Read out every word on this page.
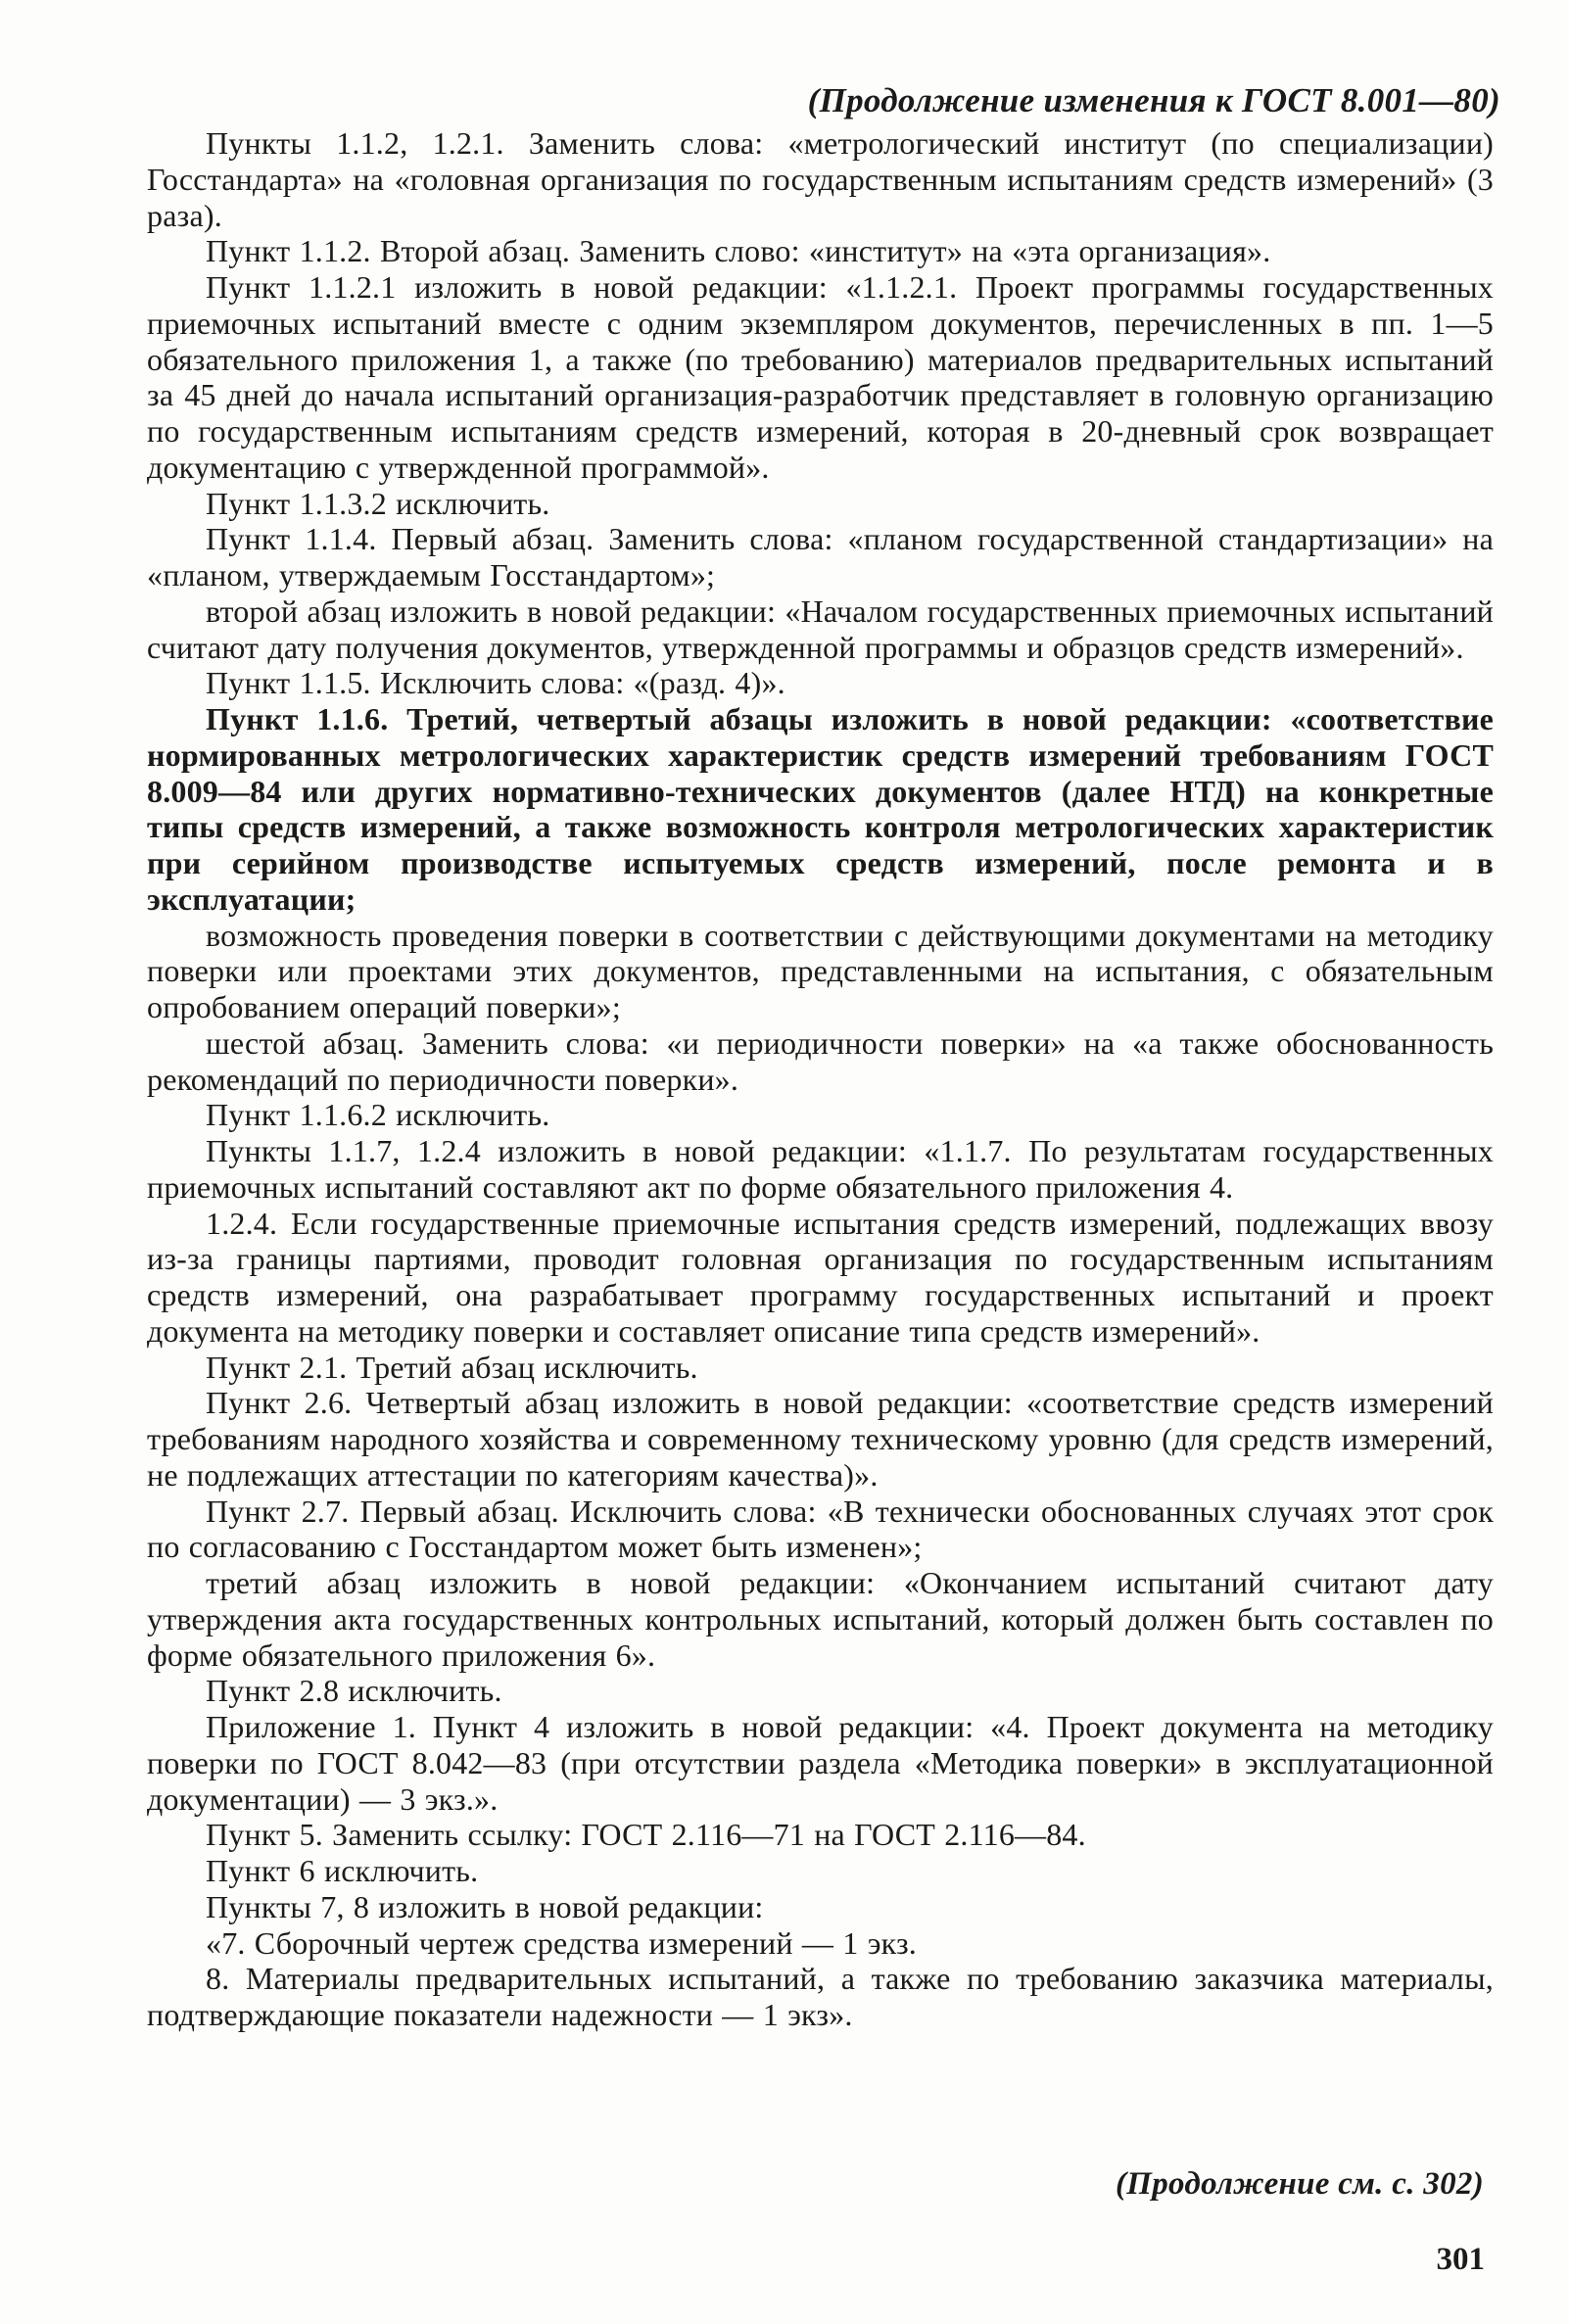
(Продолжение изменения к ГОСТ 8.001—80)

Пункты 1.1.2, 1.2.1. Заменить слова: «метрологический институт (по специализации) Госстандарта» на «головная организация по государственным испытаниям средств измерений» (3 раза).

Пункт 1.1.2. Второй абзац. Заменить слово: «институт» на «эта организация».

Пункт 1.1.2.1 изложить в новой редакции: «1.1.2.1. Проект программы государственных приемочных испытаний вместе с одним экземпляром документов, перечисленных в пп. 1—5 обязательного приложения 1, а также (по требованию) материалов предварительных испытаний за 45 дней до начала испытаний организация-разработчик представляет в головную организацию по государственным испытаниям средств измерений, которая в 20-дневный срок возвращает документацию с утвержденной программой».

Пункт 1.1.3.2 исключить.

Пункт 1.1.4. Первый абзац. Заменить слова: «планом государственной стандартизации» на «планом, утверждаемым Госстандартом»;

второй абзац изложить в новой редакции: «Началом государственных приемочных испытаний считают дату получения документов, утвержденной программы и образцов средств измерений».

Пункт 1.1.5. Исключить слова: «(разд. 4)».

Пункт 1.1.6. Третий, четвертый абзацы изложить в новой редакции: «соответствие нормированных метрологических характеристик средств измерений требованиям ГОСТ 8.009—84 или других нормативно-технических документов (далее НТД) на конкретные типы средств измерений, а также возможность контроля метрологических характеристик при серийном производстве испытуемых средств измерений, после ремонта и в эксплуатации;

возможность проведения поверки в соответствии с действующими документами на методику поверки или проектами этих документов, представленными на испытания, с обязательным опробованием операций поверки»;

шестой абзац. Заменить слова: «и периодичности поверки» на «а также обоснованность рекомендаций по периодичности поверки».

Пункт 1.1.6.2 исключить.

Пункты 1.1.7, 1.2.4 изложить в новой редакции: «1.1.7. По результатам государственных приемочных испытаний составляют акт по форме обязательного приложения 4.

1.2.4. Если государственные приемочные испытания средств измерений, подлежащих ввозу из-за границы партиями, проводит головная организация по государственным испытаниям средств измерений, она разрабатывает программу государственных испытаний и проект документа на методику поверки и составляет описание типа средств измерений».

Пункт 2.1. Третий абзац исключить.

Пункт 2.6. Четвертый абзац изложить в новой редакции: «соответствие средств измерений требованиям народного хозяйства и современному техническому уровню (для средств измерений, не подлежащих аттестации по категориям качества)».

Пункт 2.7. Первый абзац. Исключить слова: «В технически обоснованных случаях этот срок по согласованию с Госстандартом может быть изменен»;

третий абзац изложить в новой редакции: «Окончанием испытаний считают дату утверждения акта государственных контрольных испытаний, который должен быть составлен по форме обязательного приложения 6».

Пункт 2.8 исключить.

Приложение 1. Пункт 4 изложить в новой редакции: «4. Проект документа на методику поверки по ГОСТ 8.042—83 (при отсутствии раздела «Методика поверки» в эксплуатационной документации) — 3 экз.».

Пункт 5. Заменить ссылку: ГОСТ 2.116—71 на ГОСТ 2.116—84.

Пункт 6 исключить.

Пункты 7, 8 изложить в новой редакции:

«7. Сборочный чертеж средства измерений — 1 экз.

8. Материалы предварительных испытаний, а также по требованию заказчика материалы, подтверждающие показатели надежности — 1 экз».

(Продолжение см. с. 302)
301
